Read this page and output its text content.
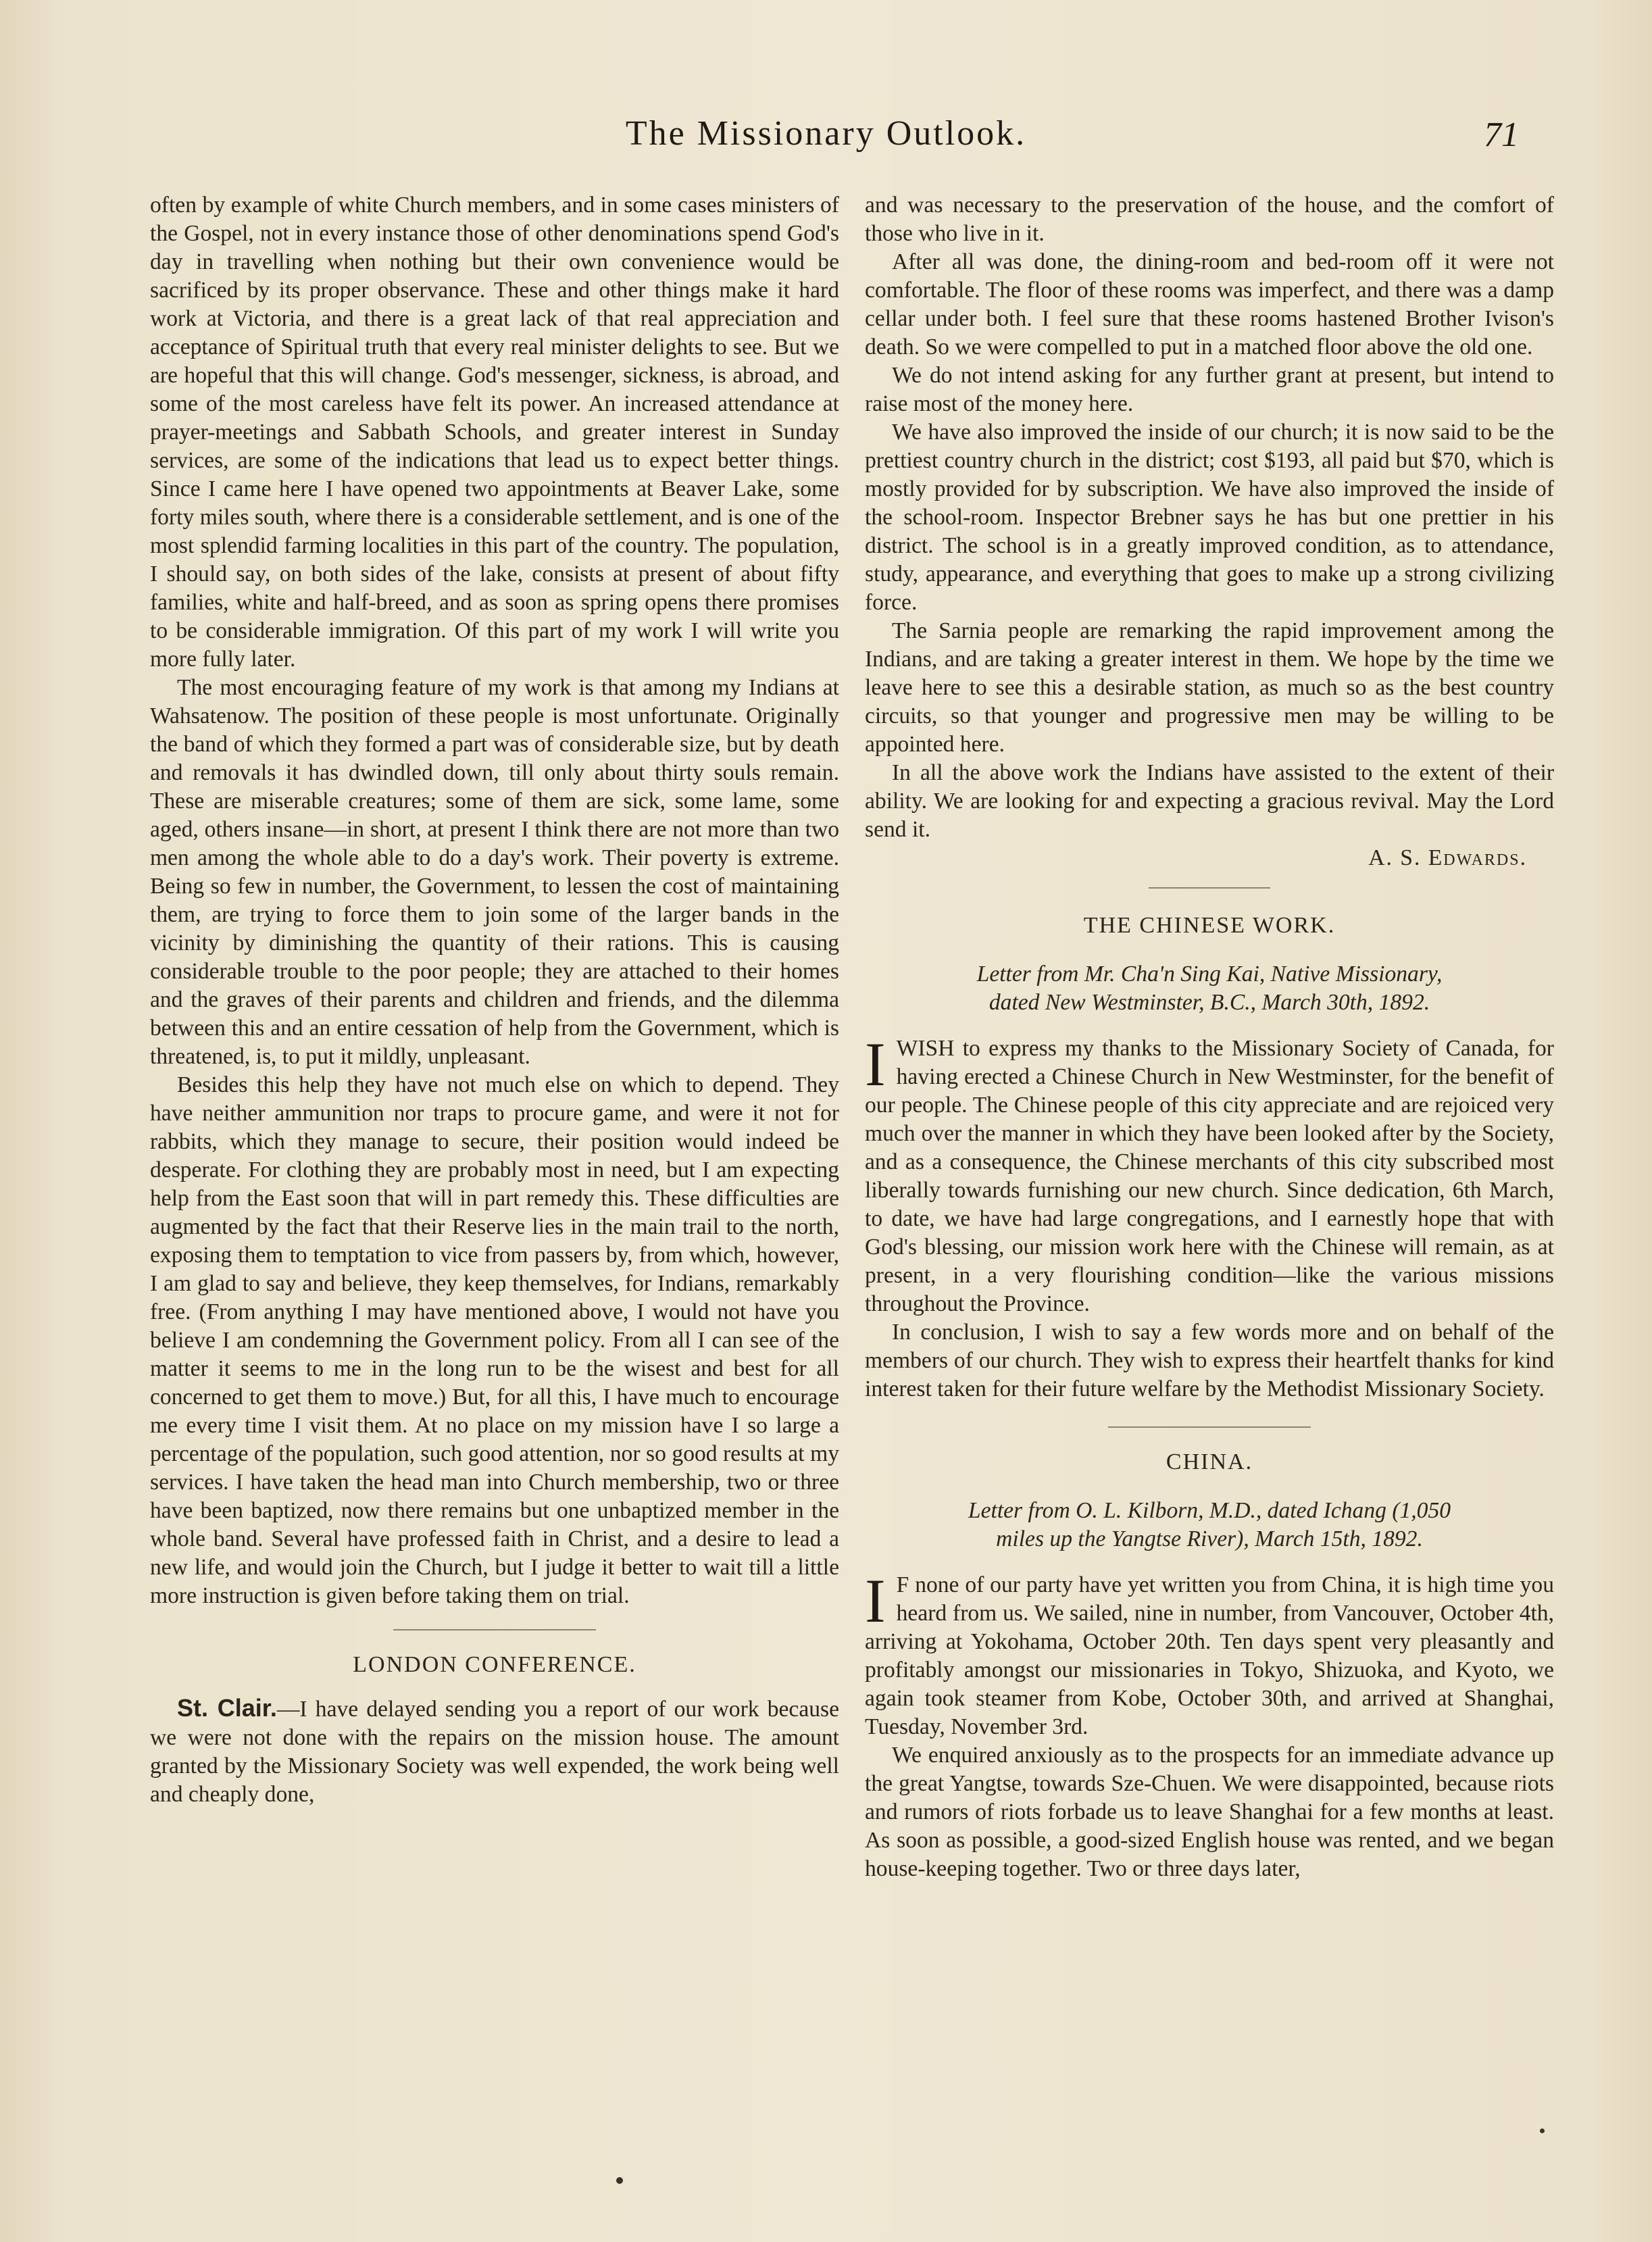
The Missionary Outlook.	71

often by example of white Church members, and in some cases ministers of the Gospel, not in every instance those of other denominations spend God's day in travelling when nothing but their own convenience would be sacrificed by its proper observance. These and other things make it hard work at Victoria, and there is a great lack of that real appreciation and acceptance of Spiritual truth that every real minister delights to see. But we are hopeful that this will change. God's messenger, sickness, is abroad, and some of the most careless have felt its power. An increased attendance at prayer-meetings and Sabbath Schools, and greater interest in Sunday services, are some of the indications that lead us to expect better things. Since I came here I have opened two appointments at Beaver Lake, some forty miles south, where there is a considerable settlement, and is one of the most splendid farming localities in this part of the country. The population, I should say, on both sides of the lake, consists at present of about fifty families, white and half-breed, and as soon as spring opens there promises to be considerable immigration. Of this part of my work I will write you more fully later.

The most encouraging feature of my work is that among my Indians at Wahsatenow. The position of these people is most unfortunate. Originally the band of which they formed a part was of considerable size, but by death and removals it has dwindled down, till only about thirty souls remain. These are miserable creatures; some of them are sick, some lame, some aged, others insane—in short, at present I think there are not more than two men among the whole able to do a day's work. Their poverty is extreme. Being so few in number, the Government, to lessen the cost of maintaining them, are trying to force them to join some of the larger bands in the vicinity by diminishing the quantity of their rations. This is causing considerable trouble to the poor people; they are attached to their homes and the graves of their parents and children and friends, and the dilemma between this and an entire cessation of help from the Government, which is threatened, is, to put it mildly, unpleasant.

Besides this help they have not much else on which to depend. They have neither ammunition nor traps to procure game, and were it not for rabbits, which they manage to secure, their position would indeed be desperate. For clothing they are probably most in need, but I am expecting help from the East soon that will in part remedy this. These difficulties are augmented by the fact that their Reserve lies in the main trail to the north, exposing them to temptation to vice from passers by, from which, however, I am glad to say and believe, they keep themselves, for Indians, remarkably free. (From anything I may have mentioned above, I would not have you believe I am condemning the Government policy. From all I can see of the matter it seems to me in the long run to be the wisest and best for all concerned to get them to move.) But, for all this, I have much to encourage me every time I visit them. At no place on my mission have I so large a percentage of the population, such good attention, nor so good results at my services. I have taken the head man into Church membership, two or three have been baptized, now there remains but one unbaptized member in the whole band. Several have professed faith in Christ, and a desire to lead a new life, and would join the Church, but I judge it better to wait till a little more instruction is given before taking them on trial.

LONDON CONFERENCE.

St. Clair.—I have delayed sending you a report of our work because we were not done with the repairs on the mission house. The amount granted by the Missionary Society was well expended, the work being well and cheaply done,

and was necessary to the preservation of the house, and the comfort of those who live in it.

After all was done, the dining-room and bed-room off it were not comfortable. The floor of these rooms was imperfect, and there was a damp cellar under both. I feel sure that these rooms hastened Brother Ivison's death. So we were compelled to put in a matched floor above the old one.

We do not intend asking for any further grant at present, but intend to raise most of the money here.

We have also improved the inside of our church; it is now said to be the prettiest country church in the district; cost $193, all paid but $70, which is mostly provided for by subscription. We have also improved the inside of the school-room. Inspector Brebner says he has but one prettier in his district. The school is in a greatly improved condition, as to attendance, study, appearance, and everything that goes to make up a strong civilizing force.

The Sarnia people are remarking the rapid improvement among the Indians, and are taking a greater interest in them. We hope by the time we leave here to see this a desirable station, as much so as the best country circuits, so that younger and progressive men may be willing to be appointed here.

In all the above work the Indians have assisted to the extent of their ability. We are looking for and expecting a gracious revival. May the Lord send it.

A. S. Edwards.

THE CHINESE WORK.

Letter from Mr. Cha'n Sing Kai, Native Missionary,

dated New Westminster, B.C., March 30th, 1892.

IWISH to express my thanks to the Missionary Society of Canada, for having erected a Chinese Church in New Westminster, for the benefit of our people. The Chinese people of this city appreciate and are rejoiced very much over the manner in which they have been looked after by the Society, and as a consequence, the Chinese merchants of this city subscribed most liberally towards furnishing our new church. Since dedication, 6th March, to date, we have had large congregations, and I earnestly hope that with God's blessing, our mission work here with the Chinese will remain, as at present, in a very flourishing condition—like the various missions throughout the Province.

In conclusion, I wish to say a few words more and on behalf of the members of our church. They wish to express their heartfelt thanks for kind interest taken for their future welfare by the Methodist Missionary Society.

CHINA.

Letter from O. L. Kilborn, M.D., dated Ichang (1,050

miles up the Yangtse River), March 15th, 1892.

I F none of our party have yet written you from China, it is high time you heard from us. We sailed, nine in number, from Vancouver, October 4th, arriving at Yokohama, October 20th. Ten days spent very pleasantly and profitably amongst our missionaries in Tokyo, Shizuoka, and Kyoto, we again took steamer from Kobe, October 30th, and arrived at Shanghai, Tuesday, November 3rd.

We enquired anxiously as to the prospects for an immediate advance up the great Yangtse, towards Sze-Chuen. We were disappointed, because riots and rumors of riots forbade us to leave Shanghai for a few months at least. As soon as possible, a good-sized English house was rented, and we began house-keeping together. Two or three days later,
